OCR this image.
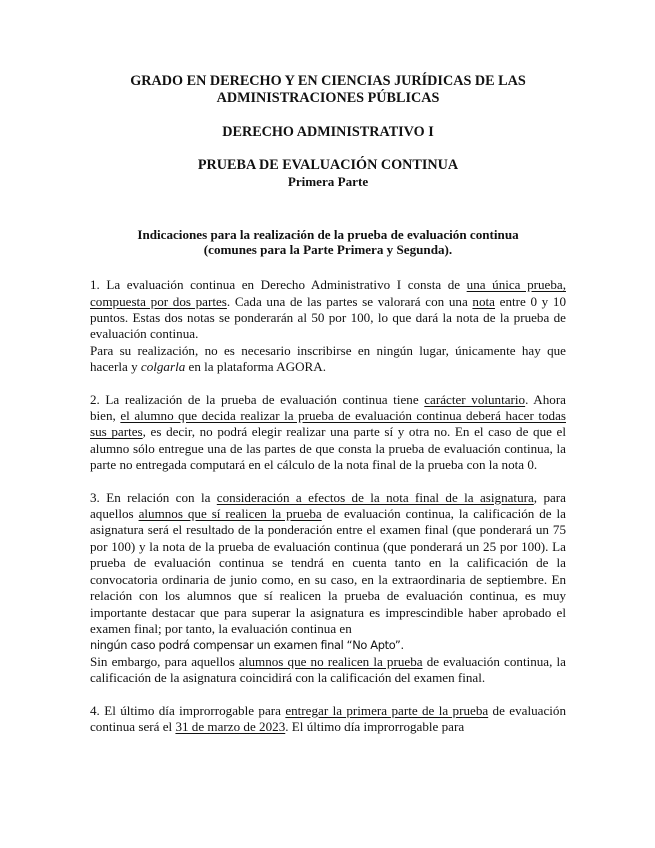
GRADO EN DERECHO Y EN CIENCIAS JURÍDICAS DE LAS
ADMINISTRACIONES PÚBLICAS
DERECHO ADMINISTRATIVO I
PRUEBA DE EVALUACIÓN CONTINUA
Primera Parte
Indicaciones para la realización de la prueba de evaluación continua
(comunes para la Parte Primera y Segunda).

1. La evaluación continua en Derecho Administrativo I consta de una única prueba, compuesta por dos partes. Cada una de las partes se valorará con una nota entre 0 y 10 puntos. Estas dos notas se ponderarán al 50 por 100, lo que dará la nota de la prueba de evaluación continua.

Para su realización, no es necesario inscribirse en ningún lugar, únicamente hay que hacerla y colgarla en la plataforma AGORA.

2. La realización de la prueba de evaluación continua tiene carácter voluntario. Ahora bien, el alumno que decida realizar la prueba de evaluación continua deberá hacer todas sus partes, es decir, no podrá elegir realizar una parte sí y otra no. En el caso de que el alumno sólo entregue una de las partes de que consta la prueba de evaluación continua, la parte no entregada computará en el cálculo de la nota final de la prueba con la nota 0.

3. En relación con la consideración a efectos de la nota final de la asignatura, para aquellos alumnos que sí realicen la prueba de evaluación continua, la calificación de la asignatura será el resultado de la ponderación entre el examen final (que ponderará un 75 por 100) y la nota de la prueba de evaluación continua (que ponderará un 25 por 100). La prueba de evaluación continua se tendrá en cuenta tanto en la calificación de la convocatoria ordinaria de junio como, en su caso, en la extraordinaria de septiembre. En relación con los alumnos que sí realicen la prueba de evaluación continua, es muy importante destacar que para superar la asignatura es imprescindible haber aprobado el examen final; por tanto, la evaluación continua en

ningún caso podrá compensar un examen final “No Apto”.

Sin embargo, para aquellos alumnos que no realicen la prueba de evaluación continua, la calificación de la asignatura coincidirá con la calificación del examen final.

4. El último día improrrogable para entregar la primera parte de la prueba de evaluación continua será el 31 de marzo de 2023. El último día improrrogable para
